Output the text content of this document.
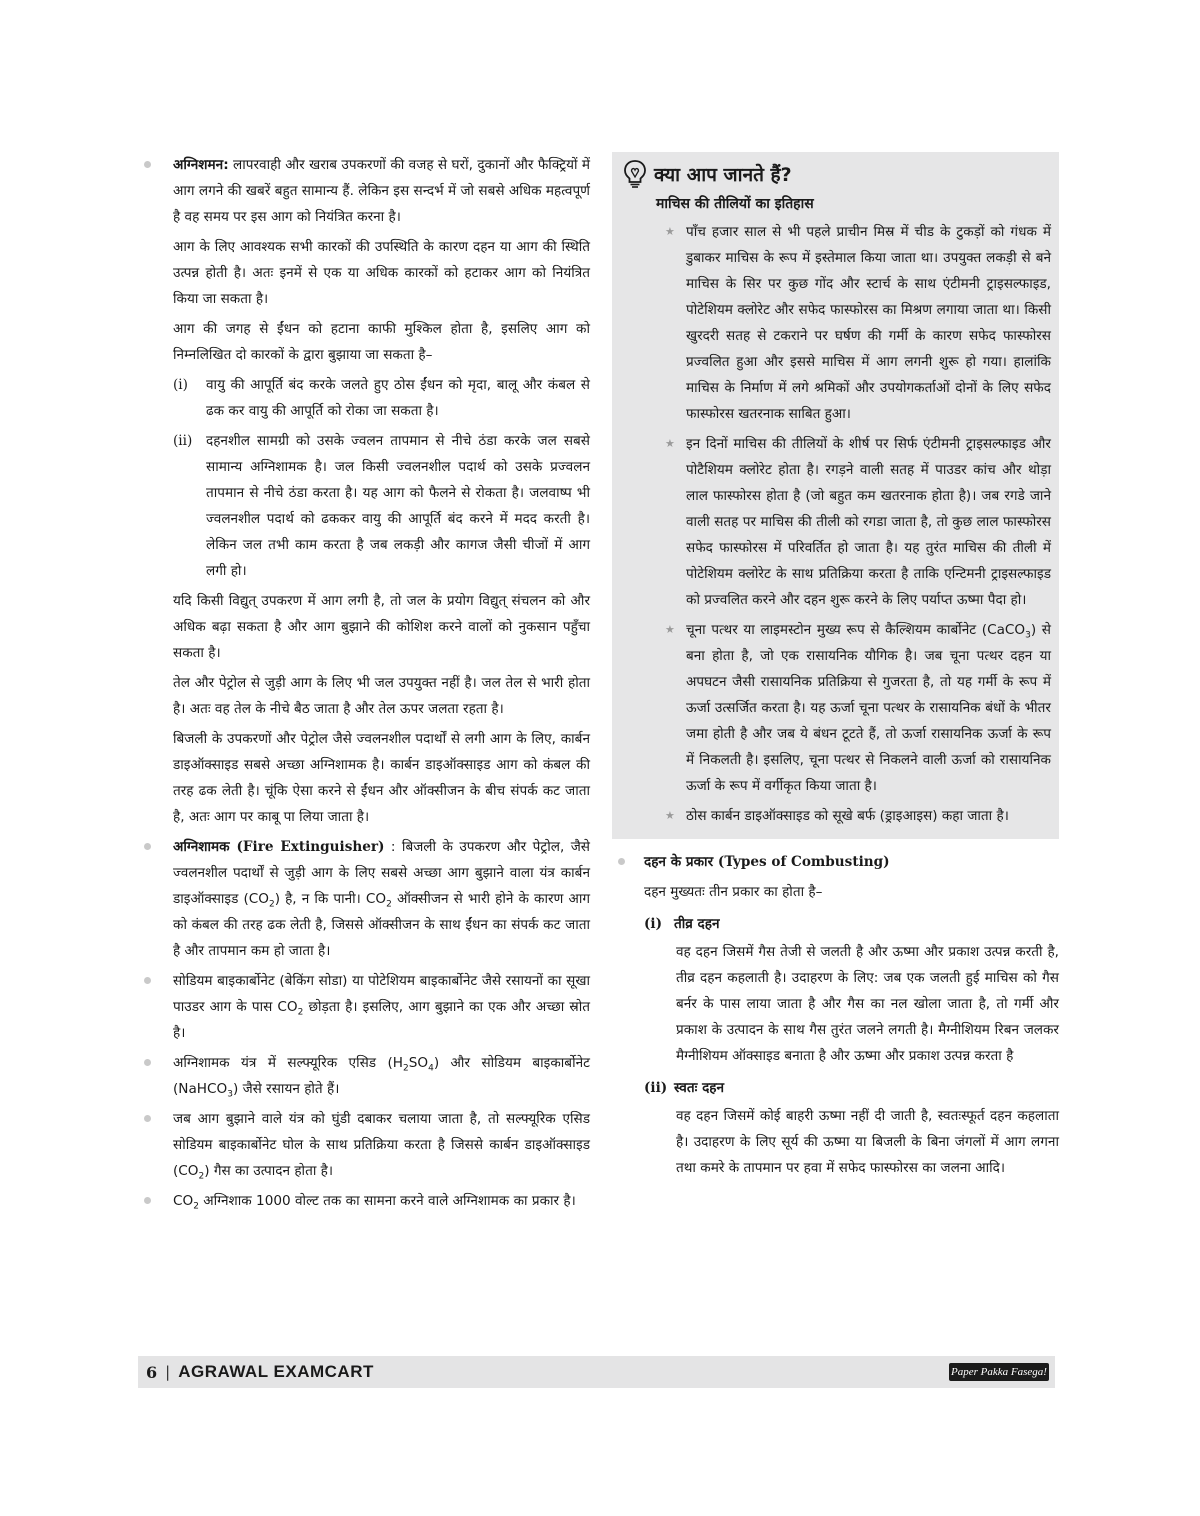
अग्निशमन: लापरवाही और खराब उपकरणों की वजह से घरों, दुकानों और फैक्ट्रियों में आग लगने की खबरें बहुत सामान्य हैं. लेकिन इस सन्दर्भ में जो सबसे अधिक महत्वपूर्ण है वह समय पर इस आग को नियंत्रित करना है।

आग के लिए आवश्यक सभी कारकों की उपस्थिति के कारण दहन या आग की स्थिति उत्पन्न होती है। अतः इनमें से एक या अधिक कारकों को हटाकर आग को नियंत्रित किया जा सकता है।

आग की जगह से ईंधन को हटाना काफी मुश्किल होता है, इसलिए आग को निम्नलिखित दो कारकों के द्वारा बुझाया जा सकता है–

(i) वायु की आपूर्ति बंद करके जलते हुए ठोस ईंधन को मृदा, बालू और कंबल से ढक कर वायु की आपूर्ति को रोका जा सकता है।

(ii) दहनशील सामग्री को उसके ज्वलन तापमान से नीचे ठंडा करके जल सबसे सामान्य अग्निशामक है। जल किसी ज्वलनशील पदार्थ को उसके प्रज्वलन तापमान से नीचे ठंडा करता है। यह आग को फैलने से रोकता है। जलवाष्प भी ज्वलनशील पदार्थ को ढककर वायु की आपूर्ति बंद करने में मदद करती है। लेकिन जल तभी काम करता है जब लकड़ी और कागज जैसी चीजों में आग लगी हो।

यदि किसी विद्युत् उपकरण में आग लगी है, तो जल के प्रयोग विद्युत् संचलन को और अधिक बढ़ा सकता है और आग बुझाने की कोशिश करने वालों को नुकसान पहुँचा सकता है।

तेल और पेट्रोल से जुड़ी आग के लिए भी जल उपयुक्त नहीं है। जल तेल से भारी होता है। अतः वह तेल के नीचे बैठ जाता है और तेल ऊपर जलता रहता है।

बिजली के उपकरणों और पेट्रोल जैसे ज्वलनशील पदार्थों से लगी आग के लिए, कार्बन डाइऑक्साइड सबसे अच्छा अग्निशामक है। कार्बन डाइऑक्साइड आग को कंबल की तरह ढक लेती है। चूंकि ऐसा करने से ईंधन और ऑक्सीजन के बीच संपर्क कट जाता है, अतः आग पर काबू पा लिया जाता है।

अग्निशामक (Fire Extinguisher) : बिजली के उपकरण और पेट्रोल, जैसे ज्वलनशील पदार्थों से जुड़ी आग के लिए सबसे अच्छा आग बुझाने वाला यंत्र कार्बन डाइऑक्साइड $(CO_2)$ है, न कि पानी। $CO_2$ ऑक्सीजन से भारी होने के कारण आग को कंबल की तरह ढक लेती है, जिससे ऑक्सीजन के साथ ईंधन का संपर्क कट जाता है और तापमान कम हो जाता है।

सोडियम बाइकार्बोनेट (बेकिंग सोडा) या पोटेशियम बाइकार्बोनेट जैसे रसायनों का सूखा पाउडर आग के पास $CO_2$ छोड़ता है। इसलिए, आग बुझाने का एक और अच्छा स्रोत है।

अग्निशामक यंत्र में सल्फ्यूरिक एसिड $(H_2SO_4)$ और सोडियम बाइकार्बोनेट (NaHCO$_3$) जैसे रसायन होते हैं।

जब आग बुझाने वाले यंत्र को घुंडी दबाकर चलाया जाता है, तो सल्फ्यूरिक एसिड सोडियम बाइकार्बोनेट घोल के साथ प्रतिक्रिया करता है जिससे कार्बन डाइऑक्साइड $(CO_2)$ गैस का उत्पादन होता है।

$CO_2$ अग्निशाक 1000 वोल्ट तक का सामना करने वाले अग्निशामक का प्रकार है।

क्या आप जानते हैं?
माचिस की तीलियों का इतिहास
★ पाँच हजार साल से भी पहले प्राचीन मिस्र में चीड के टुकड़ों को गंधक में डुबाकर माचिस के रूप में इस्तेमाल किया जाता था। उपयुक्त लकड़ी से बने माचिस के सिर पर कुछ गोंद और स्टार्च के साथ एंटीमनी ट्राइसल्फाइड, पोटेशियम क्लोरेट और सफेद फास्फोरस का मिश्रण लगाया जाता था। किसी खुरदरी सतह से टकराने पर घर्षण की गर्मी के कारण सफेद फास्फोरस प्रज्वलित हुआ और इससे माचिस में आग लगनी शुरू हो गया। हालांकि माचिस के निर्माण में लगे श्रमिकों और उपयोगकर्ताओं दोनों के लिए सफेद फास्फोरस खतरनाक साबित हुआ।

★ इन दिनों माचिस की तीलियों के शीर्ष पर सिर्फ एंटीमनी ट्राइसल्फाइड और पोटैशियम क्लोरेट होता है। रगड़ने वाली सतह में पाउडर कांच और थोड़ा लाल फास्फोरस होता है (जो बहुत कम खतरनाक होता है)। जब रगडे जाने वाली सतह पर माचिस की तीली को रगडा जाता है, तो कुछ लाल फास्फोरस सफेद फास्फोरस में परिवर्तित हो जाता है। यह तुरंत माचिस की तीली में पोटेशियम क्लोरेट के साथ प्रतिक्रिया करता है ताकि एन्टिमनी ट्राइसल्फाइड को प्रज्वलित करने और दहन शुरू करने के लिए पर्याप्त ऊष्मा पैदा हो।

★ चूना पत्थर या लाइमस्टोन मुख्य रूप से कैल्शियम कार्बोनेट (CaCO$_3$) से बना होता है, जो एक रासायनिक यौगिक है। जब चूना पत्थर दहन या अपघटन जैसी रासायनिक प्रतिक्रिया से गुजरता है, तो यह गर्मी के रूप में ऊर्जा उत्सर्जित करता है। यह ऊर्जा चूना पत्थर के रासायनिक बंधों के भीतर जमा होती है और जब ये बंधन टूटते हैं, तो ऊर्जा रासायनिक ऊर्जा के रूप में निकलती है। इसलिए, चूना पत्थर से निकलने वाली ऊर्जा को रासायनिक ऊर्जा के रूप में वर्गीकृत किया जाता है।

★ ठोस कार्बन डाइऑक्साइड को सूखे बर्फ (ड्राइआइस) कहा जाता है।

दहन के प्रकार (Types of Combusting)

दहन मुख्यतः तीन प्रकार का होता है–

(i) तीव्र दहन

वह दहन जिसमें गैस तेजी से जलती है और ऊष्मा और प्रकाश उत्पन्न करती है, तीव्र दहन कहलाती है। उदाहरण के लिए: जब एक जलती हुई माचिस को गैस बर्नर के पास लाया जाता है और गैस का नल खोला जाता है, तो गर्मी और प्रकाश के उत्पादन के साथ गैस तुरंत जलने लगती है। मैग्नीशियम रिबन जलकर मैग्नीशियम ऑक्साइड बनाता है और ऊष्मा और प्रकाश उत्पन्न करता है

(ii) स्वतः दहन

वह दहन जिसमें कोई बाहरी ऊष्मा नहीं दी जाती है, स्वतःस्फूर्त दहन कहलाता है। उदाहरण के लिए सूर्य की ऊष्मा या बिजली के बिना जंगलों में आग लगना तथा कमरे के तापमान पर हवा में सफेद फास्फोरस का जलना आदि।

6 | AGRAWAL EXAMCART	Paper Pakka Fasega!
